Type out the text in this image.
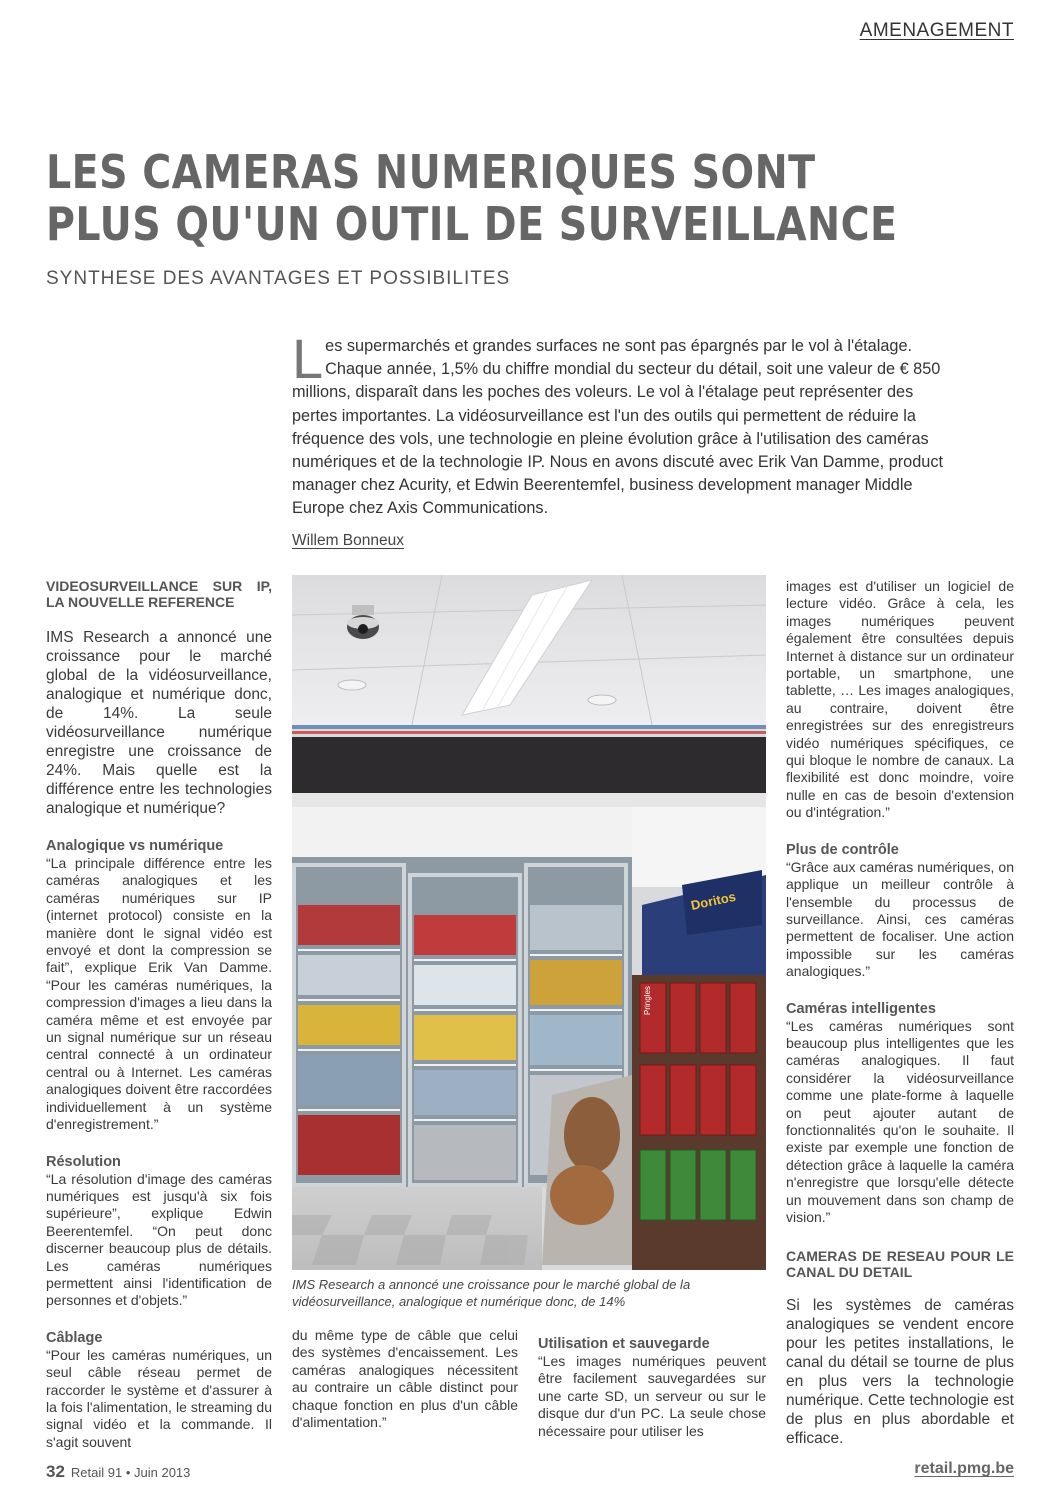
AMENAGEMENT
LES CAMERAS NUMERIQUES SONT
PLUS QU'UN OUTIL DE SURVEILLANCE
SYNTHESE DES AVANTAGES ET POSSIBILITES
Les supermarchés et grandes surfaces ne sont pas épargnés par le vol à l'étalage. Chaque année, 1,5% du chiffre mondial du secteur du détail, soit une valeur de € 850 millions, disparaît dans les poches des voleurs. Le vol à l'étalage peut représenter des pertes importantes. La vidéosurveillance est l'un des outils qui permettent de réduire la fréquence des vols, une technologie en pleine évolution grâce à l'utilisation des caméras numériques et de la technologie IP. Nous en avons discuté avec Erik Van Damme, product manager chez Acurity, et Edwin Beerentemfel, business development manager Middle Europe chez Axis Communications.
Willem Bonneux
VIDEOSURVEILLANCE SUR IP, LA NOUVELLE REFERENCE

IMS Research a annoncé une croissance pour le marché global de la vidéosurveillance, analogique et numérique donc, de 14%. La seule vidéosurveillance numérique enregistre une croissance de 24%. Mais quelle est la différence entre les technologies analogique et numérique?

Analogique vs numérique

“La principale différence entre les caméras analogiques et les caméras numériques sur IP (internet protocol) consiste en la manière dont le signal vidéo est envoyé et dont la compression se fait”, explique Erik Van Damme. “Pour les caméras numériques, la compression d'images a lieu dans la caméra même et est envoyée par un signal numérique sur un réseau central connecté à un ordinateur central ou à Internet. Les caméras analogiques doivent être raccordées individuellement à un système d'enregistrement.”

Résolution

“La résolution d'image des caméras numériques est jusqu'à six fois supérieure”, explique Edwin Beerentemfel. “On peut donc discerner beaucoup plus de détails. Les caméras numériques permettent ainsi l'identification de personnes et d'objets.”

Câblage

“Pour les caméras numériques, un seul câble réseau permet de raccorder le système et d'assurer à la fois l'alimentation, le streaming du signal vidéo et la commande. Il s'agit souvent

Pringles
Doritos
IMS Research a annoncé une croissance pour le marché global de la vidéosurveillance, analogique et numérique donc, de 14%

du même type de câble que celui des systèmes d'encaissement. Les caméras analogiques nécessitent au contraire un câble distinct pour chaque fonction en plus d'un câble d'alimentation.”

Utilisation et sauvegarde

“Les images numériques peuvent être facilement sauvegardées sur une carte SD, un serveur ou sur le disque dur d'un PC. La seule chose nécessaire pour utiliser les

images est d'utiliser un logiciel de lecture vidéo. Grâce à cela, les images numériques peuvent également être consultées depuis Internet à distance sur un ordinateur portable, un smartphone, une tablette, … Les images analogiques, au contraire, doivent être enregistrées sur des enregistreurs vidéo numériques spécifiques, ce qui bloque le nombre de canaux. La flexibilité est donc moindre, voire nulle en cas de besoin d'extension ou d'intégration.”

Plus de contrôle

“Grâce aux caméras numériques, on applique un meilleur contrôle à l'ensemble du processus de surveillance. Ainsi, ces caméras permettent de focaliser. Une action impossible sur les caméras analogiques.”

Caméras intelligentes

“Les caméras numériques sont beaucoup plus intelligentes que les caméras analogiques. Il faut considérer la vidéosurveillance comme une plate-forme à laquelle on peut ajouter autant de fonctionnalités qu'on le souhaite. Il existe par exemple une fonction de détection grâce à laquelle la caméra n'enregistre que lorsqu'elle détecte un mouvement dans son champ de vision.”

CAMERAS DE RESEAU POUR LE CANAL DU DETAIL

Si les systèmes de caméras analogiques se vendent encore pour les petites installations, le canal du détail se tourne de plus en plus vers la technologie numérique. Cette technologie est de plus en plus abordable et efficace.

32 Retail 91 • Juin 2013	retail.pmg.be
